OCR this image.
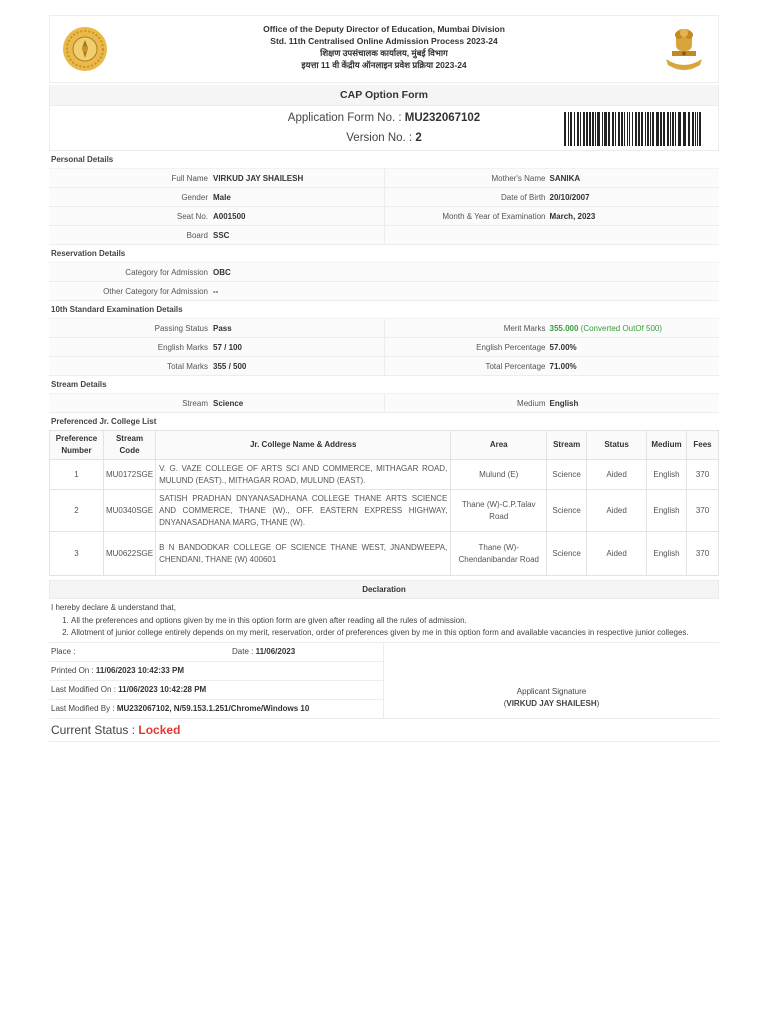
Office of the Deputy Director of Education, Mumbai Division
Std. 11th Centralised Online Admission Process 2023-24
शिक्षण उपसंचालक कार्यालय, मुंबई विभाग
इयत्ता 11 वी केंद्रीय ऑनलाइन प्रवेश प्रक्रिया 2023-24
CAP Option Form
Application Form No. : MU232067102
Version No. : 2
Personal Details
Full Name VIRKUD JAY SHAILESH	Mother's Name SANIKA
Gender Male	Date of Birth 20/10/2007
Seat No. A001500	Month & Year of Examination March, 2023
Board SSC
Reservation Details
Category for Admission OBC
Other Category for Admission --
10th Standard Examination Details
Passing Status Pass	Merit Marks 355.000
(Converted OutOf 500)
English Marks 57 / 100	English Percentage 57.00%
Total Marks 355 / 500	Total Percentage 71.00%
Stream Details
Stream Science	Medium English
Preferenced Jr. College List
Preference Number	Stream Code	Jr. College Name & Address	Area	Stream	Status	Medium	Fees
1	MU0172SGE	V. G. VAZE COLLEGE OF ARTS SCI AND COMMERCE, MITHAGAR ROAD, MULUND (EAST)., MITHAGAR ROAD, MULUND (EAST).	Mulund (E)	Science	Aided	English	370
2	MU0340SGE	SATISH PRADHAN DNYANASADHANA COLLEGE THANE ARTS SCIENCE AND COMMERCE, THANE (W)., OFF. EASTERN EXPRESS HIGHWAY, DNYANASADHANA MARG, THANE (W).	Thane (W)-C.P.Talav Road	Science	Aided	English	370
3	MU0622SGE	B N BANDODKAR COLLEGE OF SCIENCE THANE WEST, JNANDWEEPA, CHENDANI, THANE (W) 400601	Thane (W)-Chendanibandar Road	Science	Aided	English	370
Declaration
I hereby declare & understand that,
1. All the preferences and options given by me in this option form are given after reading all the rules of admission.
2. Allotment of junior college entirely depends on my merit, reservation, order of preferences given by me in this option form and available vacancies in respective junior colleges.
Place :	Date : 11/06/2023
Printed On : 11/06/2023 10:42:33 PM
Last Modified On : 11/06/2023 10:42:28 PM
Last Modified By : MU232067102, N/59.153.1.251/Chrome/Windows 10
Applicant Signature
(VIRKUD JAY SHAILESH)
Current Status : Locked
